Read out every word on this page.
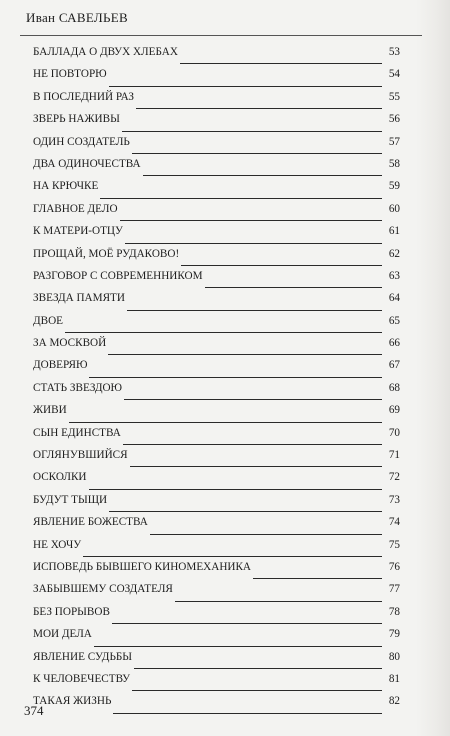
Иван САВЕЛЬЕВ
БАЛЛАДА О ДВУХ ХЛЕБАХ	53
НЕ ПОВТОРЮ	54
В ПОСЛЕДНИЙ РАЗ	55
ЗВЕРЬ НАЖИВЫ	56
ОДИН СОЗДАТЕЛЬ	57
ДВА ОДИНОЧЕСТВА	58
НА КРЮЧКЕ	59
ГЛАВНОЕ ДЕЛО	60
К МАТЕРИ-ОТЦУ	61
ПРОЩАЙ, МОЁ РУДАКОВО!	62
РАЗГОВОР С СОВРЕМЕННИКОМ	63
ЗВЕЗДА ПАМЯТИ	64
ДВОЕ	65
ЗА МОСКВОЙ	66
ДОВЕРЯЮ	67
СТАТЬ ЗВЕЗДОЮ	68
ЖИВИ	69
СЫН ЕДИНСТВА	70
ОГЛЯНУВШИЙСЯ	71
ОСКОЛКИ	72
БУДУТ ТЫЩИ	73
ЯВЛЕНИЕ БОЖЕСТВА	74
НЕ ХОЧУ	75
ИСПОВЕДЬ БЫВШЕГО КИНОМЕХАНИКА	76
ЗАБЫВШЕМУ СОЗДАТЕЛЯ	77
БЕЗ ПОРЫВОВ	78
МОИ ДЕЛА	79
ЯВЛЕНИЕ СУДЬБЫ	80
К ЧЕЛОВЕЧЕСТВУ	81
ТАКАЯ ЖИЗНЬ	82
374
